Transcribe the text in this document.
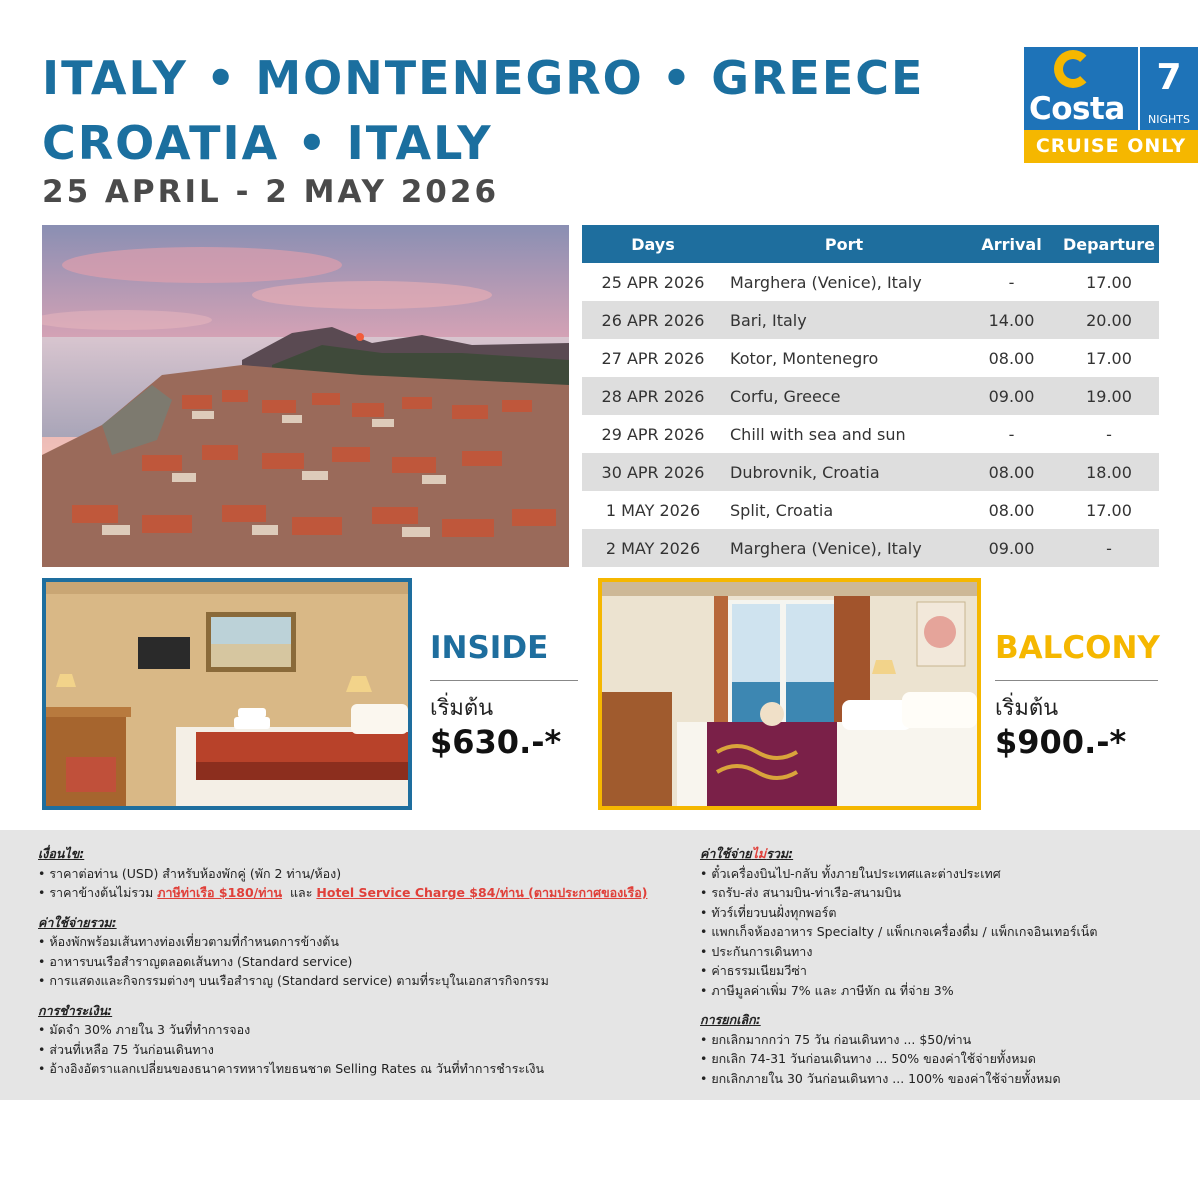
ITALY • MONTENEGRO • GREECE
CROATIA • ITALY
25 APRIL - 2 MAY 2026
Costa
7
NIGHTS
CRUISE ONLY
Days	Port	Arrival	Departure
25 APR 2026	Marghera (Venice), Italy	-	17.00
26 APR 2026	Bari, Italy	14.00	20.00
27 APR 2026	Kotor, Montenegro	08.00	17.00
28 APR 2026	Corfu, Greece	09.00	19.00
29 APR 2026	Chill with sea and sun	-	-
30 APR 2026	Dubrovnik, Croatia	08.00	18.00
1 MAY 2026	Split, Croatia	08.00	17.00
2 MAY 2026	Marghera (Venice), Italy	09.00	-
INSIDE
เริ่มต้น
$630.-*
BALCONY
เริ่มต้น
$900.-*
เงื่อนไข:
• ราคาต่อท่าน (USD) สำหรับห้องพักคู่ (พัก 2 ท่าน/ห้อง)
• ราคาข้างต้นไม่รวม ภาษีท่าเรือ $180/ท่าน  และ Hotel Service Charge $84/ท่าน (ตามประกาศของเรือ)
ค่าใช้จ่ายรวม:
• ห้องพักพร้อมเส้นทางท่องเที่ยวตามที่กำหนดการข้างต้น
• อาหารบนเรือสำราญตลอดเส้นทาง (Standard service)
• การแสดงและกิจกรรมต่างๆ บนเรือสำราญ (Standard service) ตามที่ระบุในเอกสารกิจกรรม
การชำระเงิน:
• มัดจำ 30% ภายใน 3 วันที่ทำการจอง
• ส่วนที่เหลือ 75 วันก่อนเดินทาง
• อ้างอิงอัตราแลกเปลี่ยนของธนาคารทหารไทยธนชาต Selling Rates ณ วันที่ทำการชำระเงิน
ค่าใช้จ่ายไม่รวม:
• ตั๋วเครื่องบินไป-กลับ ทั้งภายในประเทศและต่างประเทศ
• รถรับ-ส่ง สนามบิน-ท่าเรือ-สนามบิน
• ทัวร์เที่ยวบนฝั่งทุกพอร์ต
• แพกเก็จห้องอาหาร Specialty / แพ็กเกจเครื่องดื่ม / แพ็กเกจอินเทอร์เน็ต
• ประกันการเดินทาง
• ค่าธรรมเนียมวีซ่า
• ภาษีมูลค่าเพิ่ม 7% และ ภาษีหัก ณ ที่จ่าย 3%
การยกเลิก:
• ยกเลิกมากกว่า 75 วัน ก่อนเดินทาง ... $50/ท่าน
• ยกเลิก 74-31 วันก่อนเดินทาง ... 50% ของค่าใช้จ่ายทั้งหมด
• ยกเลิกภายใน 30 วันก่อนเดินทาง ... 100% ของค่าใช้จ่ายทั้งหมด
